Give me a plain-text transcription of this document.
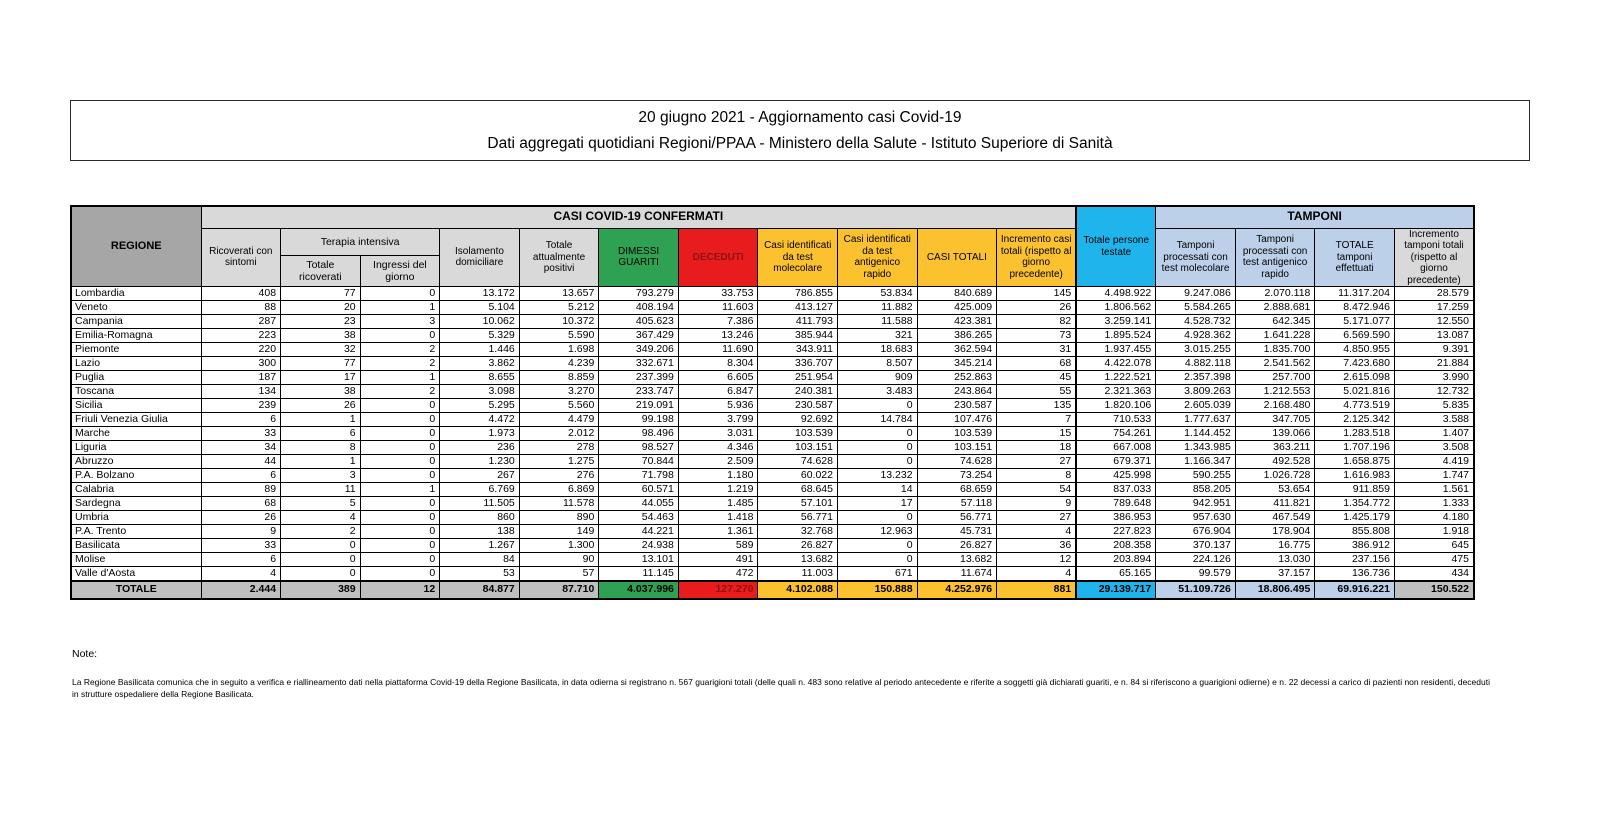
20 giugno 2021 - Aggiornamento casi Covid-19
Dati aggregati quotidiani Regioni/PPAA - Ministero della Salute - Istituto Superiore di Sanità
REGIONE	CASI COVID-19 CONFERMATI											Totale persone testate	TAMPONI			
	Ricoverati con sintomi	Terapia intensiva		Isolamento domiciliare	Totale attualmente positivi	DIMESSI GUARITI	DECEDUTI	Casi identificati da test molecolare	Casi identificati da test antigenico rapido	CASI TOTALI	Incremento casi totali (rispetto al giorno precedente)		Tamponi processati con test molecolare	Tamponi processati con test antigenico rapido	TOTALE tamponi effettuati	Incremento tamponi totali (rispetto al giorno precedente)
		Totale ricoverati	Ingressi del giorno													
Lombardia	408	77	0	13.172	13.657	793.279	33.753	786.855	53.834	840.689	145	4.498.922	9.247.086	2.070.118	11.317.204	28.579
Veneto	88	20	1	5.104	5.212	408.194	11.603	413.127	11.882	425.009	26	1.806.562	5.584.265	2.888.681	8.472.946	17.259
Campania	287	23	3	10.062	10.372	405.623	7.386	411.793	11.588	423.381	82	3.259.141	4.528.732	642.345	5.171.077	12.550
Emilia-Romagna	223	38	0	5.329	5.590	367.429	13.246	385.944	321	386.265	73	1.895.524	4.928.362	1.641.228	6.569.590	13.087
Piemonte	220	32	2	1.446	1.698	349.206	11.690	343.911	18.683	362.594	31	1.937.455	3.015.255	1.835.700	4.850.955	9.391
Lazio	300	77	2	3.862	4.239	332.671	8.304	336.707	8.507	345.214	68	4.422.078	4.882.118	2.541.562	7.423.680	21.884
Puglia	187	17	1	8.655	8.859	237.399	6.605	251.954	909	252.863	45	1.222.521	2.357.398	257.700	2.615.098	3.990
Toscana	134	38	2	3.098	3.270	233.747	6.847	240.381	3.483	243.864	55	2.321.363	3.809.263	1.212.553	5.021.816	12.732
Sicilia	239	26	0	5.295	5.560	219.091	5.936	230.587	0	230.587	135	1.820.106	2.605.039	2.168.480	4.773.519	5.835
Friuli Venezia Giulia	6	1	0	4.472	4.479	99.198	3.799	92.692	14.784	107.476	7	710.533	1.777.637	347.705	2.125.342	3.588
Marche	33	6	0	1.973	2.012	98.496	3.031	103.539	0	103.539	15	754.261	1.144.452	139.066	1.283.518	1.407
Liguria	34	8	0	236	278	98.527	4.346	103.151	0	103.151	18	667.008	1.343.985	363.211	1.707.196	3.508
Abruzzo	44	1	0	1.230	1.275	70.844	2.509	74.628	0	74.628	27	679.371	1.166.347	492.528	1.658.875	4.419
P.A. Bolzano	6	3	0	267	276	71.798	1.180	60.022	13.232	73.254	8	425.998	590.255	1.026.728	1.616.983	1.747
Calabria	89	11	1	6.769	6.869	60.571	1.219	68.645	14	68.659	54	837.033	858.205	53.654	911.859	1.561
Sardegna	68	5	0	11.505	11.578	44.055	1.485	57.101	17	57.118	9	789.648	942.951	411.821	1.354.772	1.333
Umbria	26	4	0	860	890	54.463	1.418	56.771	0	56.771	27	386.953	957.630	467.549	1.425.179	4.180
P.A. Trento	9	2	0	138	149	44.221	1.361	32.768	12.963	45.731	4	227.823	676.904	178.904	855.808	1.918
Basilicata	33	0	0	1.267	1.300	24.938	589	26.827	0	26.827	36	208.358	370.137	16.775	386.912	645
Molise	6	0	0	84	90	13.101	491	13.682	0	13.682	12	203.894	224.126	13.030	237.156	475
Valle d'Aosta	4	0	0	53	57	11.145	472	11.003	671	11.674	4	65.165	99.579	37.157	136.736	434
TOTALE	2.444	389	12	84.877	87.710	4.037.996	127.270	4.102.088	150.888	4.252.976	881	29.139.717	51.109.726	18.806.495	69.916.221	150.522
Note:
La Regione Basilicata comunica che in seguito a verifica e riallineamento dati nella piattaforma Covid-19 della Regione Basilicata, in data odierna si registrano n. 567 guarigioni totali (delle quali n. 483 sono relative al periodo antecedente e riferite a soggetti già dichiarati guariti, e n. 84 si riferiscono a guarigioni odierne) e n. 22 decessi a carico di pazienti non residenti, deceduti in strutture ospedaliere della Regione Basilicata.
